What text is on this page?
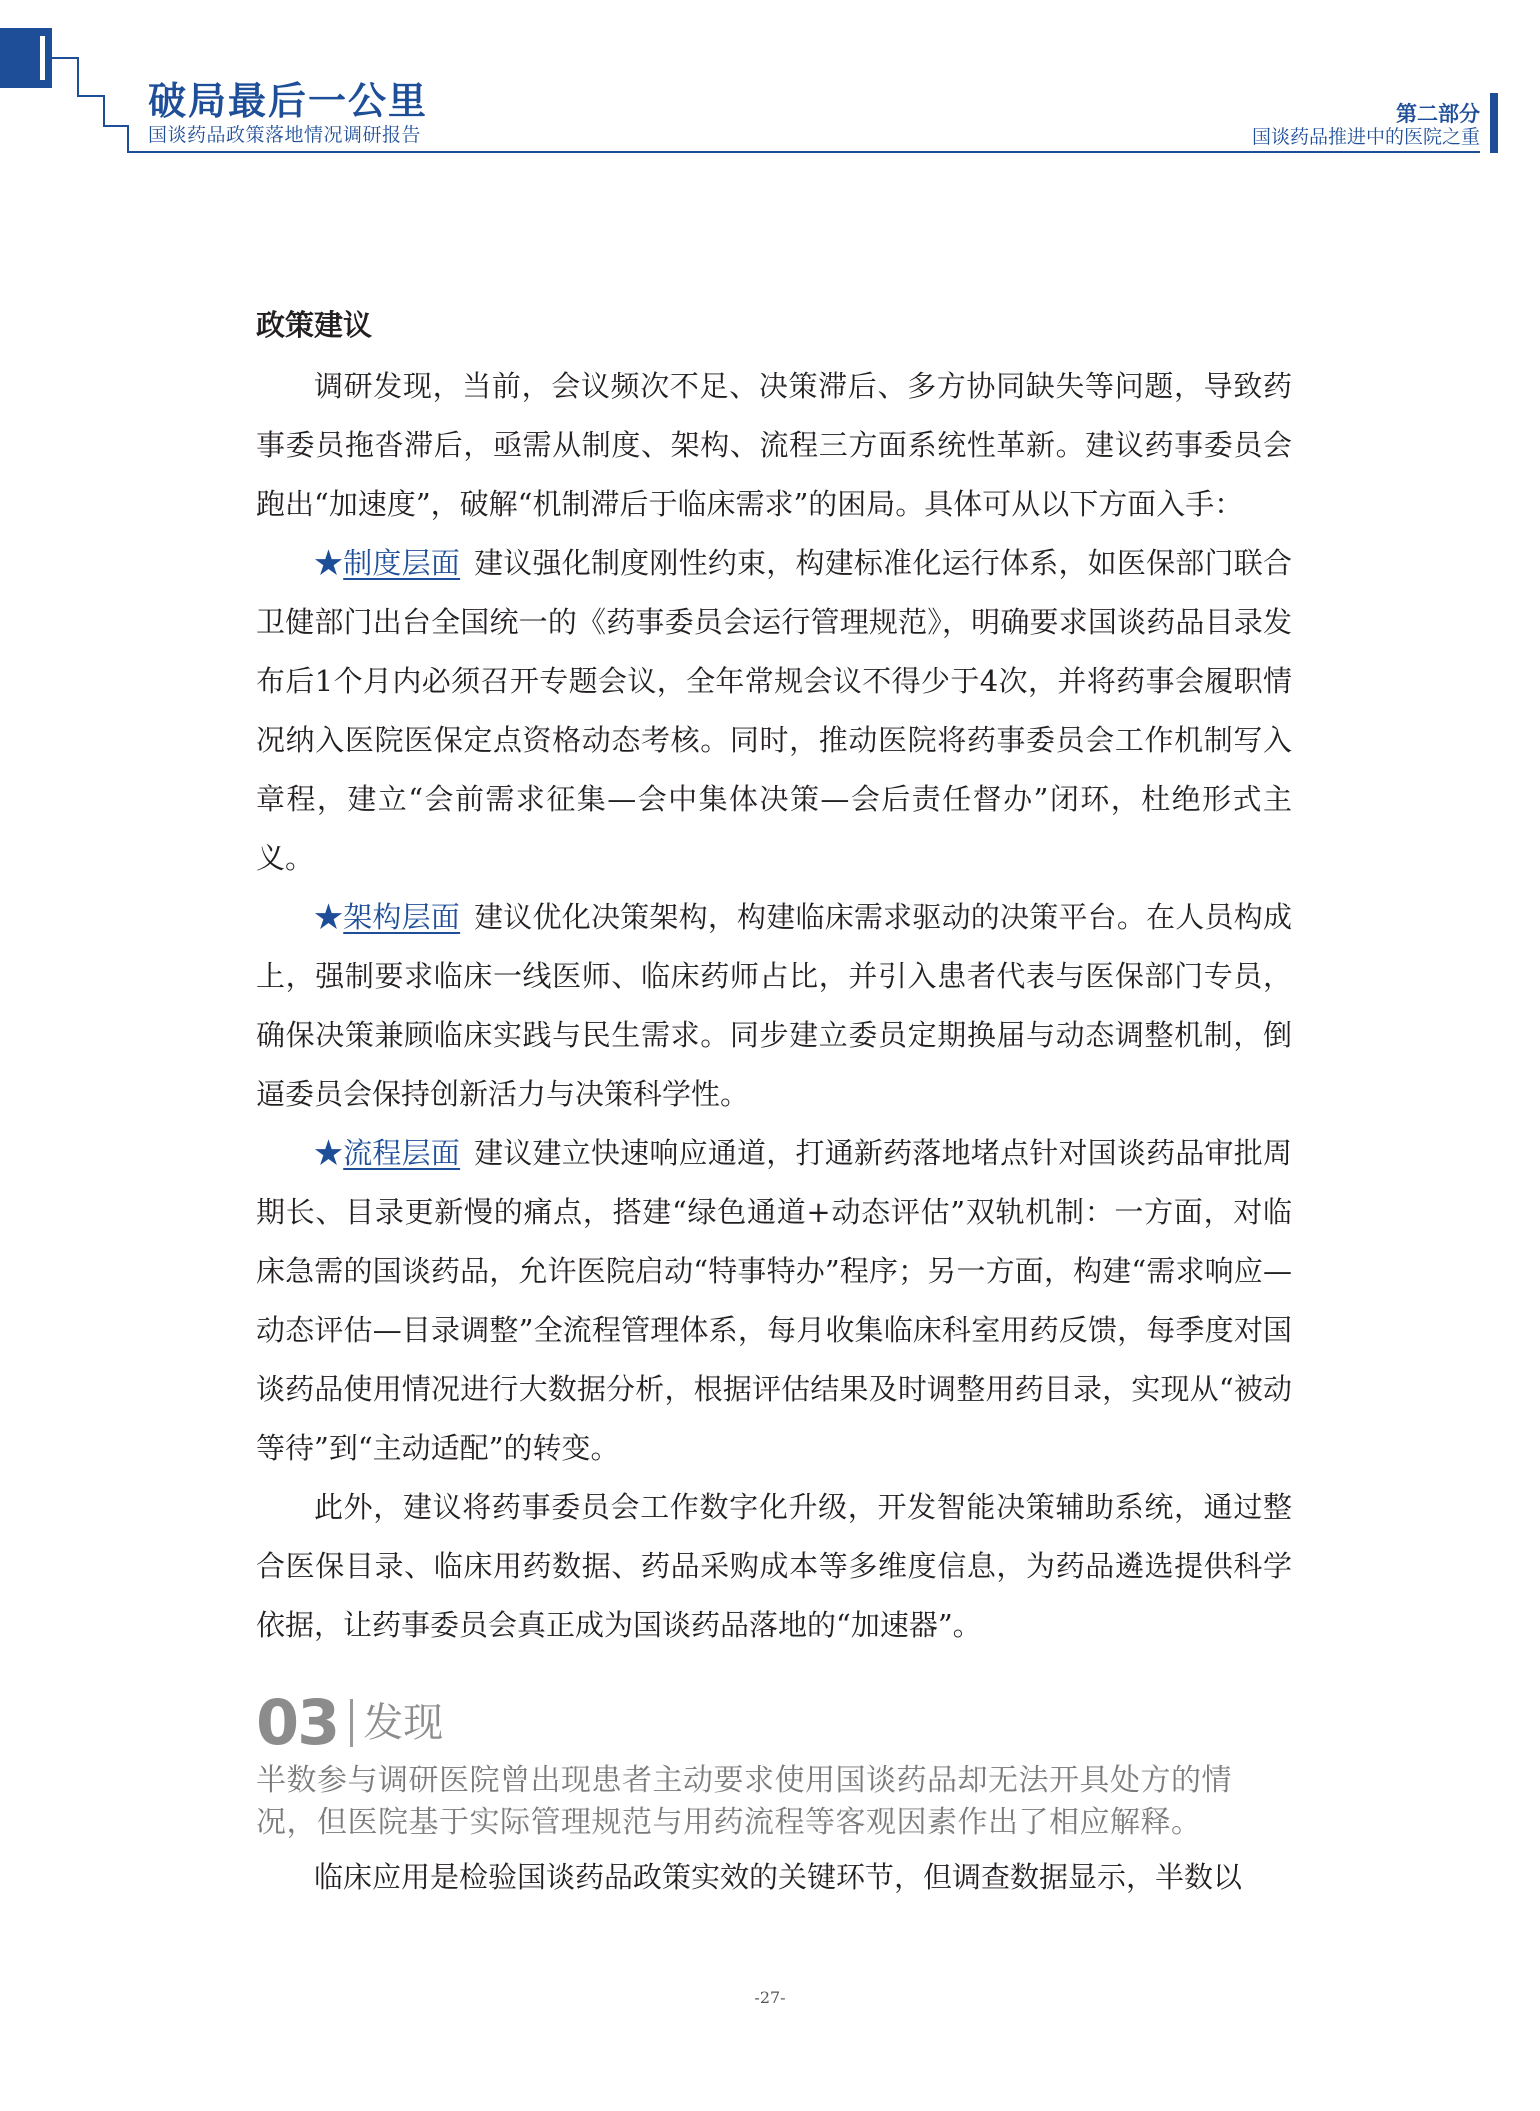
破局最后一公里
国谈药品政策落地情况调研报告
第二部分
国谈药品推进中的医院之重
政策建议

调研发现，当前，会议频次不足、决策滞后、多方协同缺失等问题，导致药事委员拖沓滞后，亟需从制度、架构、流程三方面系统性革新。建议药事委员会跑出“加速度”，破解“机制滞后于临床需求”的困局。具体可从以下方面入手：

★制度层面 建议强化制度刚性约束，构建标准化运行体系，如医保部门联合卫健部门出台全国统一的《药事委员会运行管理规范》，明确要求国谈药品目录发布后1个月内必须召开专题会议，全年常规会议不得少于4次，并将药事会履职情况纳入医院医保定点资格动态考核。同时，推动医院将药事委员会工作机制写入章程，建立“会前需求征集—会中集体决策—会后责任督办”闭环，杜绝形式主义。

★架构层面 建议优化决策架构，构建临床需求驱动的决策平台。在人员构成上，强制要求临床一线医师、临床药师占比，并引入患者代表与医保部门专员，确保决策兼顾临床实践与民生需求。同步建立委员定期换届与动态调整机制，倒逼委员会保持创新活力与决策科学性。

★流程层面 建议建立快速响应通道，打通新药落地堵点针对国谈药品审批周期长、目录更新慢的痛点，搭建“绿色通道+动态评估”双轨机制：一方面，对临床急需的国谈药品，允许医院启动“特事特办”程序；另一方面，构建“需求响应—动态评估—目录调整”全流程管理体系，每月收集临床科室用药反馈，每季度对国谈药品使用情况进行大数据分析，根据评估结果及时调整用药目录，实现从“被动等待”到“主动适配”的转变。

此外，建议将药事委员会工作数字化升级，开发智能决策辅助系统，通过整合医保目录、临床用药数据、药品采购成本等多维度信息，为药品遴选提供科学依据，让药事委员会真正成为国谈药品落地的“加速器”。

03 发现

半数参与调研医院曾出现患者主动要求使用国谈药品却无法开具处方的情况，但医院基于实际管理规范与用药流程等客观因素作出了相应解释。

临床应用是检验国谈药品政策实效的关键环节，但调查数据显示，半数以

-27-
